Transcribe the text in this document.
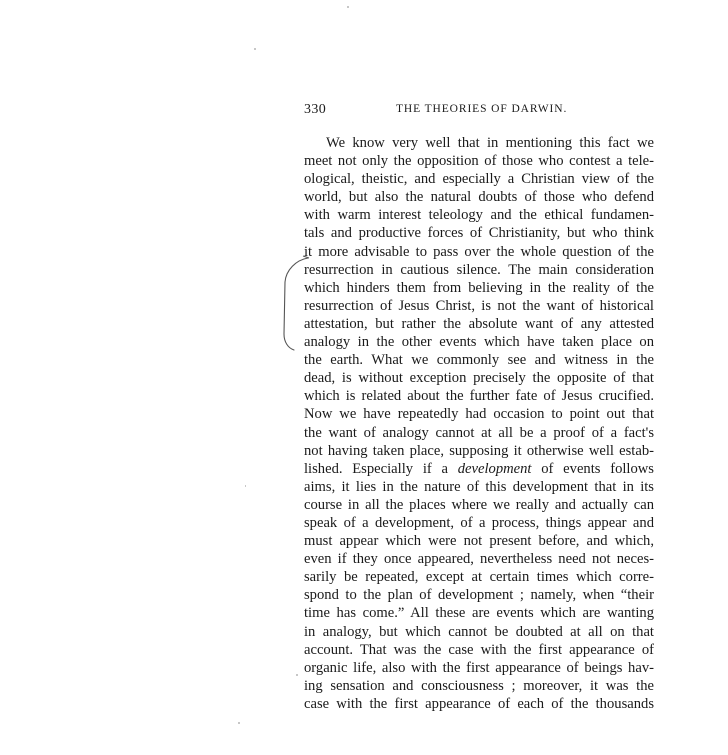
330	THE THEORIES OF DARWIN.
We know very well that in mentioning this fact we
meet not only the opposition of those who contest a tele-
ological, theistic, and especially a Christian view of the
world, but also the natural doubts of those who defend
with warm interest teleology and the ethical fundamen-
tals and productive forces of Christianity, but who think
it more advisable to pass over the whole question of the
resurrection in cautious silence. The main consideration
which hinders them from believing in the reality of the
resurrection of Jesus Christ, is not the want of historical
attestation, but rather the absolute want of any attested
analogy in the other events which have taken place on
the earth. What we commonly see and witness in the
dead, is without exception precisely the opposite of that
which is related about the further fate of Jesus crucified.
Now we have repeatedly had occasion to point out that
the want of analogy cannot at all be a proof of a fact's
not having taken place, supposing it otherwise well estab-
lished. Especially if a development of events follows
aims, it lies in the nature of this development that in its
course in all the places where we really and actually can
speak of a development, of a process, things appear and
must appear which were not present before, and which,
even if they once appeared, nevertheless need not neces-
sarily be repeated, except at certain times which corre-
spond to the plan of development ; namely, when “their
time has come.” All these are events which are wanting
in analogy, but which cannot be doubted at all on that
account. That was the case with the first appearance of
organic life, also with the first appearance of beings hav-
ing sensation and consciousness ; moreover, it was the
case with the first appearance of each of the thousands
